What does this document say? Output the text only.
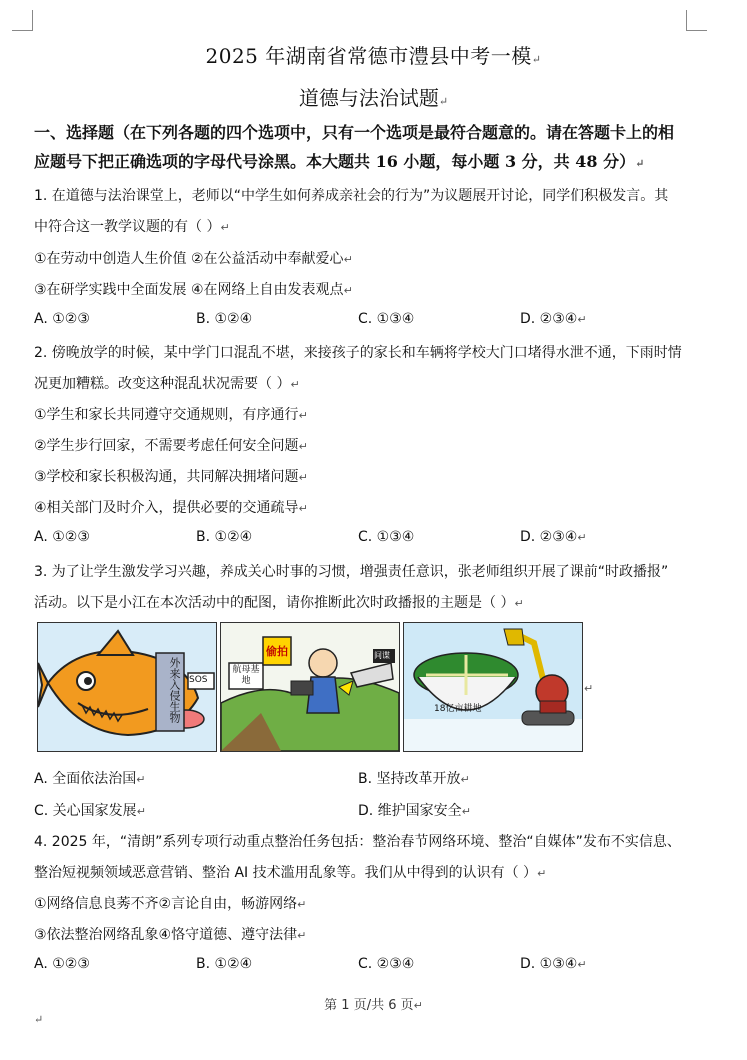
2025 年湖南省常德市澧县中考一模↵
道德与法治试题↵
一、选择题（在下列各题的四个选项中，只有一个选项是最符合题意的。请在答题卡上的相
应题号下把正确选项的字母代号涂黑。本大题共 16 小题，每小题 3 分，共 48 分）↵
1. 在道德与法治课堂上，老师以“中学生如何养成亲社会的行为”为议题展开讨论，同学们积极发言。其
中符合这一教学议题的有（ ）↵
①在劳动中创造人生价值 ②在公益活动中奉献爱心↵
③在研学实践中全面发展 ④在网络上自由发表观点↵
A. ①②③	B. ①②④	C. ①③④	D. ②③④↵
2. 傍晚放学的时候，某中学门口混乱不堪，来接孩子的家长和车辆将学校大门口堵得水泄不通，下雨时情
况更加糟糕。改变这种混乱状况需要（ ）↵
①学生和家长共同遵守交通规则，有序通行↵
②学生步行回家，不需要考虑任何安全问题↵
③学校和家长积极沟通，共同解决拥堵问题↵
④相关部门及时介入，提供必要的交通疏导↵
A. ①②③	B. ①②④	C. ①③④	D. ②③④↵
3. 为了让学生激发学习兴趣，养成关心时事的习惯，增强责任意识，张老师组织开展了课前“时政播报”
活动。以下是小江在本次活动中的配图，请你推断此次时政播报的主题是（ ）↵
外来入侵生物 SOS
偷拍
航母基地
间谍
18亿亩耕地
↵
A. 全面依法治国↵	B. 坚持改革开放↵
C. 关心国家发展↵	D. 维护国家安全↵
4. 2025 年，“清朗”系列专项行动重点整治任务包括：整治春节网络环境、整治“自媒体”发布不实信息、
整治短视频领域恶意营销、整治 AI 技术滥用乱象等。我们从中得到的认识有（ ）↵
①网络信息良莠不齐②言论自由，畅游网络↵
③依法整治网络乱象④恪守道德、遵守法律↵
A. ①②③	B. ①②④	C. ②③④	D. ①③④↵
第 1 页/共 6 页↵
↵
